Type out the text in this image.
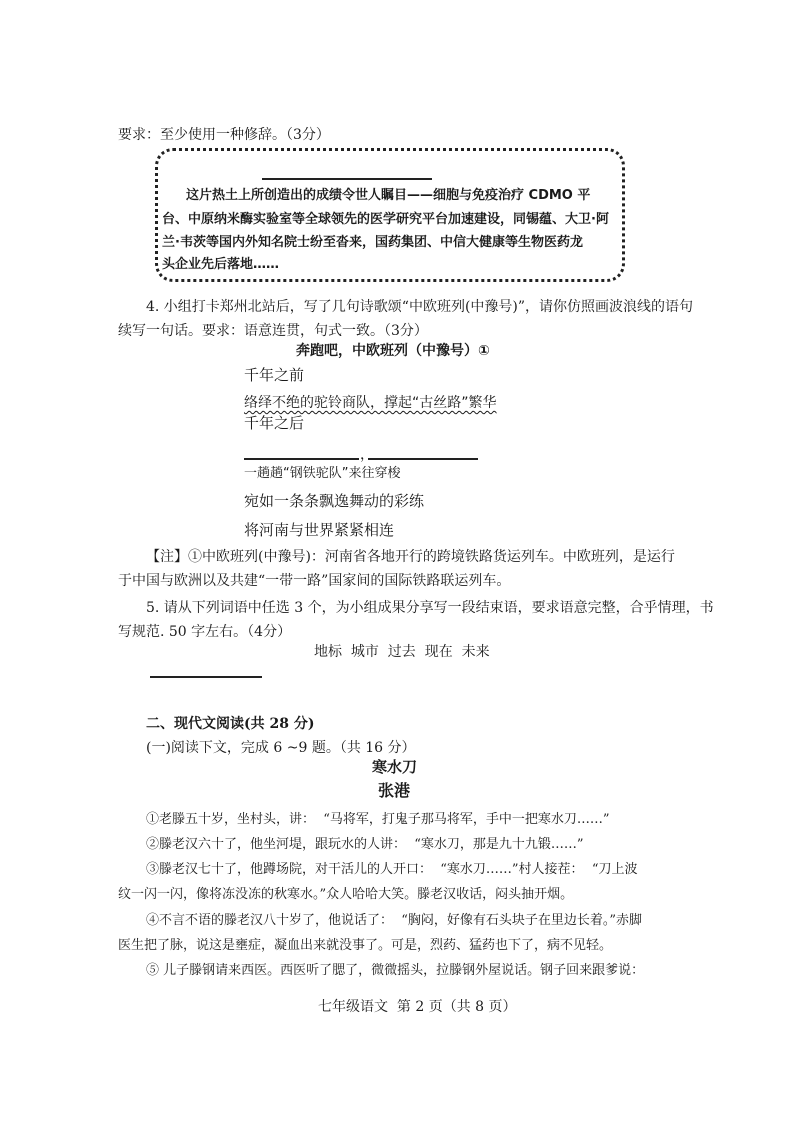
要求：至少使用一种修辞。（3分）
这片热土上所创造出的成绩令世人瞩目——细胞与免疫治疗 CDMO 平
台、中原纳米酶实验室等全球领先的医学研究平台加速建设，同锡蕴、大卫·阿
兰·韦茨等国内外知名院士纷至沓来，国药集团、中信大健康等生物医药龙
头企业先后落地……
4. 小组打卡郑州北站后，写了几句诗歌颂“中欧班列(中豫号)”，请你仿照画波浪线的语句
续写一句话。要求：语意连贯，句式一致。（3分）
奔跑吧，中欧班列（中豫号）①
千年之前
络绎不绝的驼铃商队，撑起“古丝路”繁华
千年之后
，
一趟趟“钢铁驼队”来往穿梭
宛如一条条飘逸舞动的彩练
将河南与世界紧紧相连
【注】①中欧班列(中豫号)：河南省各地开行的跨境铁路货运列车。中欧班列，是运行
于中国与欧洲以及共建“一带一路”国家间的国际铁路联运列车。
5. 请从下列词语中任选 3 个，为小组成果分享写一段结束语，要求语意完整，合乎情理，书
写规范. 50 字左右。（4分）
地标  城市  过去  现在  未来
二、现代文阅读(共 28 分)
(一)阅读下文，完成 6 ~9 题。（共 16 分）
寒水刀
张港
①老滕五十岁，坐村头，讲：  “马将军，打鬼子那马将军，手中一把寒水刀……”
②滕老汉六十了，他坐河堤，跟玩水的人讲：  “寒水刀，那是九十九锻……”
③滕老汉七十了，他蹲场院，对干活儿的人开口：  “寒水刀……”村人接茬：  “刀上波
纹一闪一闪，像将冻没冻的秋寒水。”众人哈哈大笑。滕老汉收话，闷头抽开烟。
④不言不语的滕老汉八十岁了，他说话了：  “胸闷，好像有石头块子在里边长着。”赤脚
医生把了脉，说这是壅症，凝血出来就没事了。可是，烈药、猛药也下了，病不见轻。
⑤ 儿子滕钢请来西医。西医听了腮了，微微摇头，拉滕钢外屋说话。钢子回来跟爹说：
七年级语文  第 2 页（共 8 页）
